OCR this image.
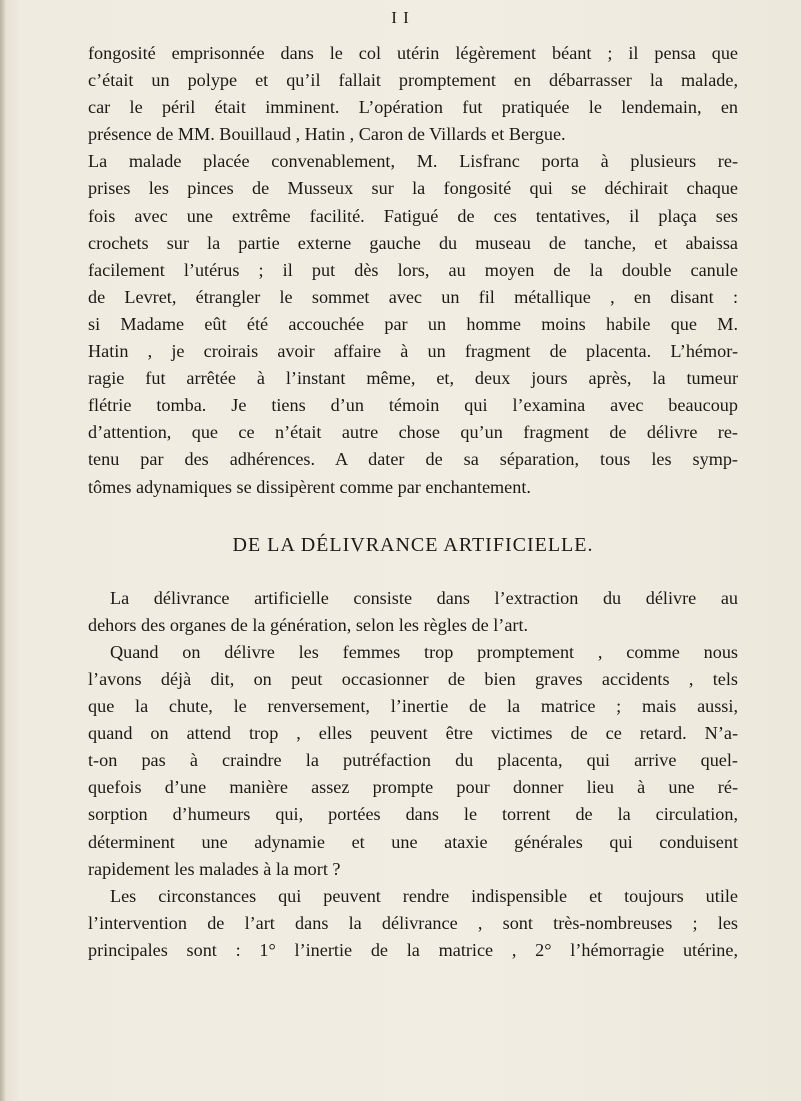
I I

fongosité emprisonnée dans le col utérin légèrement béant ; il pensa que
c’était un polype et qu’il fallait promptement en débarrasser la malade,
car le péril était imminent. L’opération fut pratiquée le lendemain, en
présence de MM. Bouillaud , Hatin , Caron de Villards et Bergue.
La malade placée convenablement, M. Lisfranc porta à plusieurs re-
prises les pinces de Musseux sur la fongosité qui se déchirait chaque
fois avec une extrême facilité. Fatigué de ces tentatives, il plaça ses
crochets sur la partie externe gauche du museau de tanche, et abaissa
facilement l’utérus ; il put dès lors, au moyen de la double canule
de Levret, étrangler le sommet avec un fil métallique , en disant :
si Madame eût été accouchée par un homme moins habile que M.
Hatin , je croirais avoir affaire à un fragment de placenta. L’hémor-
ragie fut arrêtée à l’instant même, et, deux jours après, la tumeur
flétrie tomba. Je tiens d’un témoin qui l’examina avec beaucoup
d’attention, que ce n’était autre chose qu’un fragment de délivre re-
tenu par des adhérences. A dater de sa séparation, tous les symp-
tômes adynamiques se dissipèrent comme par enchantement.

DE LA DÉLIVRANCE ARTIFICIELLE.

La délivrance artificielle consiste dans l’extraction du délivre au
dehors des organes de la génération, selon les règles de l’art.

Quand on délivre les femmes trop promptement , comme nous
l’avons déjà dit, on peut occasionner de bien graves accidents , tels
que la chute, le renversement, l’inertie de la matrice ; mais aussi,
quand on attend trop , elles peuvent être victimes de ce retard. N’a-
t-on pas à craindre la putréfaction du placenta, qui arrive quel-
quefois d’une manière assez prompte pour donner lieu à une ré-
sorption d’humeurs qui, portées dans le torrent de la circulation,
déterminent une adynamie et une ataxie générales qui conduisent
rapidement les malades à la mort ?

Les circonstances qui peuvent rendre indispensible et toujours utile
l’intervention de l’art dans la délivrance , sont très-nombreuses ; les
principales sont : 1° l’inertie de la matrice , 2° l’hémorragie utérine,
